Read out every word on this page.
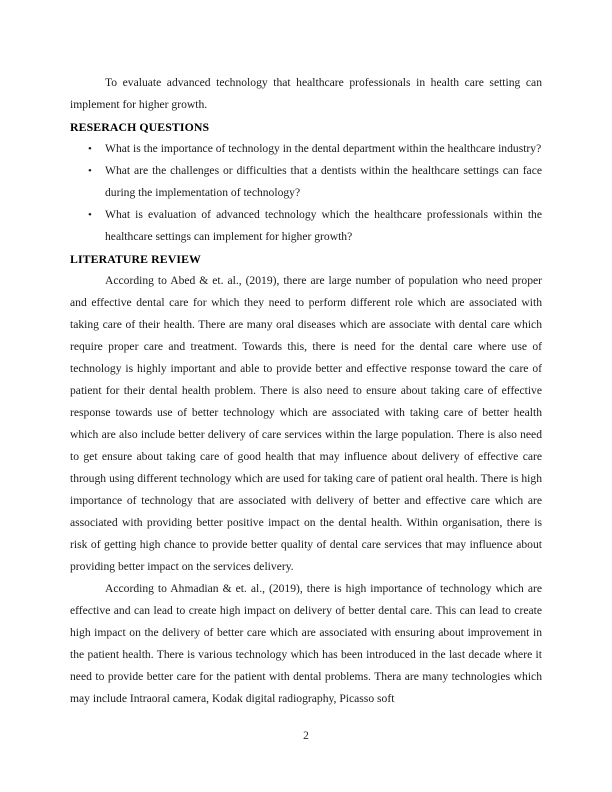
To evaluate advanced technology that healthcare professionals in health care setting can implement for higher growth.

RESERACH QUESTIONS
• What is the importance of technology in the dental department within the healthcare industry?
• What are the challenges or difficulties that a dentists within the healthcare settings can face during the implementation of technology?
• What is evaluation of advanced technology which the healthcare professionals within the healthcare settings can implement for higher growth?
LITERATURE REVIEW

According to Abed & et. al., (2019), there are large number of population who need proper and effective dental care for which they need to perform different role which are associated with taking care of their health. There are many oral diseases which are associate with dental care which require proper care and treatment. Towards this, there is need for the dental care where use of technology is highly important and able to provide better and effective response toward the care of patient for their dental health problem. There is also need to ensure about taking care of effective response towards use of better technology which are associated with taking care of better health which are also include better delivery of care services within the large population. There is also need to get ensure about taking care of good health that may influence about delivery of effective care through using different technology which are used for taking care of patient oral health. There is high importance of technology that are associated with delivery of better and effective care which are associated with providing better positive impact on the dental health. Within organisation, there is risk of getting high chance to provide better quality of dental care services that may influence about providing better impact on the services delivery.

According to Ahmadian & et. al., (2019), there is high importance of technology which are effective and can lead to create high impact on delivery of better dental care. This can lead to create high impact on the delivery of better care which are associated with ensuring about improvement in the patient health. There is various technology which has been introduced in the last decade where it need to provide better care for the patient with dental problems. Thera are many technologies which may include Intraoral camera, Kodak digital radiography, Picasso soft

2
